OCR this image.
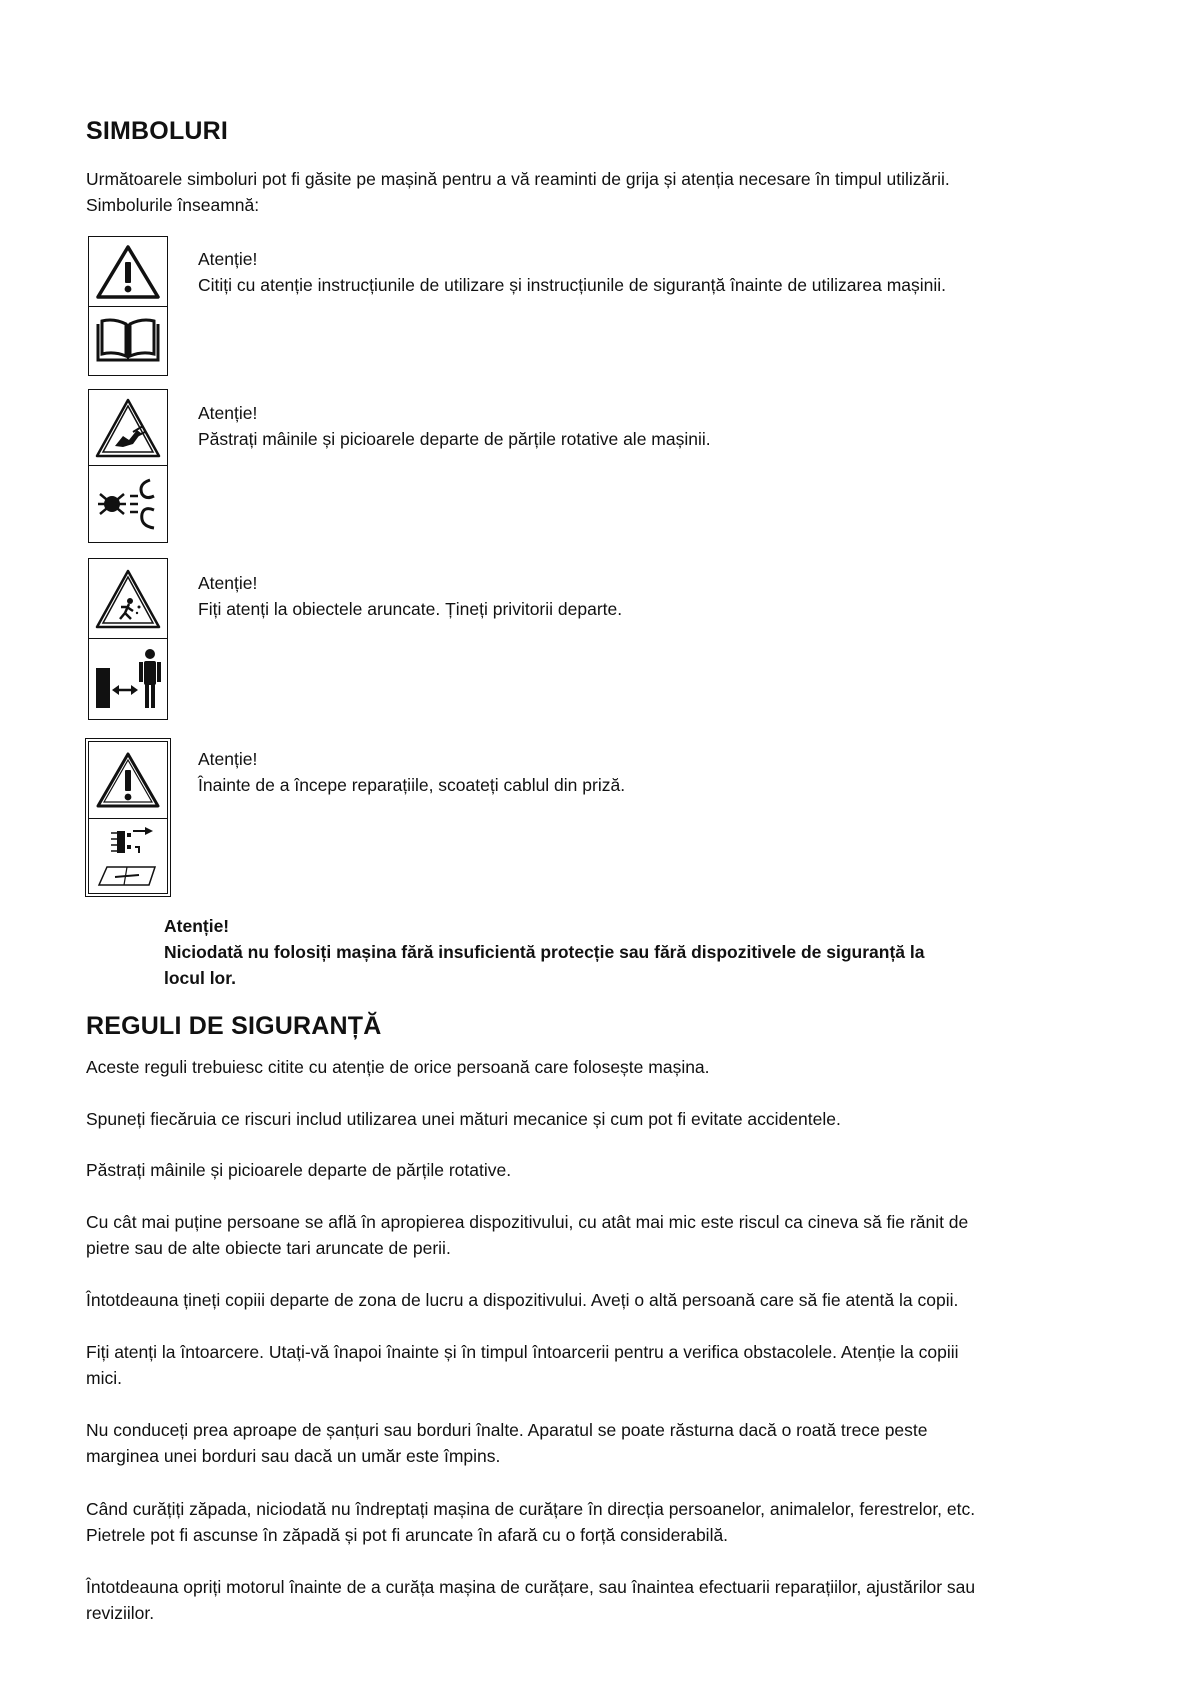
SIMBOLURI

Următoarele simboluri pot fi găsite pe mașină pentru a vă reaminti de grija și atenția necesare în timpul utilizării.

Simbolurile înseamnă:

Atenție!

Citiți cu atenție instrucțiunile de utilizare și instrucțiunile de siguranță înainte de utilizarea mașinii.

Atenție!

Păstrați mâinile și picioarele departe de părțile rotative ale mașinii.

Atenție!

Fiți atenți la obiectele aruncate. Țineți privitorii departe.

Atenție!

Înainte de a începe reparațiile, scoateți cablul din priză.

Atenție!

Niciodată nu folosiți mașina fără insuficientă protecție sau fără dispozitivele de siguranță la

locul lor.

REGULI DE SIGURANȚĂ

Aceste reguli trebuiesc citite cu atenție de orice persoană care folosește mașina.

Spuneți fiecăruia ce riscuri includ utilizarea unei mături mecanice și cum pot fi evitate accidentele.

Păstrați mâinile și picioarele departe de părțile rotative.

Cu cât mai puține persoane se află în apropierea dispozitivului, cu atât mai mic este riscul ca cineva să fie rănit de

pietre sau de alte obiecte tari aruncate de perii.

Întotdeauna țineți copiii departe de zona de lucru a dispozitivului. Aveți o altă persoană care să fie atentă la copii.

Fiți atenți la întoarcere. Utați-vă înapoi înainte și în timpul întoarcerii pentru a verifica obstacolele. Atenție la copiii

mici.

Nu conduceți prea aproape de șanțuri sau borduri înalte. Aparatul se poate răsturna dacă o roată trece peste

marginea unei borduri sau dacă un umăr este împins.

Când curățiți zăpada, niciodată nu îndreptați mașina de curățare în direcția persoanelor, animalelor, ferestrelor, etc.

Pietrele pot fi ascunse în zăpadă și pot fi aruncate în afară cu o forță considerabilă.

Întotdeauna opriți motorul înainte de a curăța mașina de curățare, sau înaintea efectuarii reparațiilor, ajustărilor sau

reviziilor.
